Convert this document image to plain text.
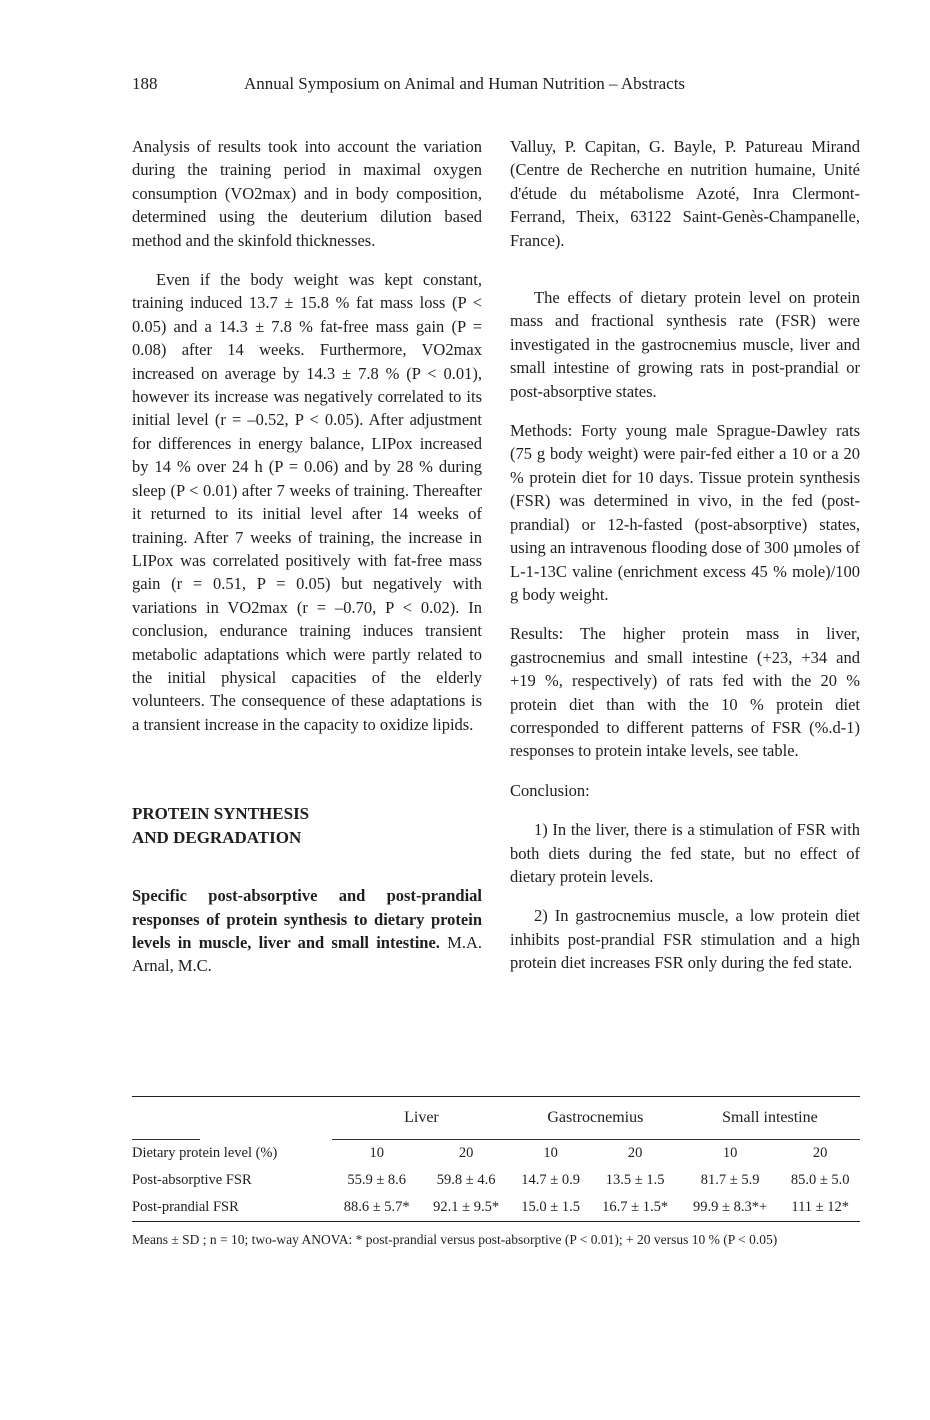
188	Annual Symposium on Animal and Human Nutrition – Abstracts

Analysis of results took into account the variation during the training period in maximal oxygen consumption (VO2max) and in body composition, determined using the deuterium dilution based method and the skinfold thicknesses.

Even if the body weight was kept constant, training induced 13.7 ± 15.8 % fat mass loss (P < 0.05) and a 14.3 ± 7.8 % fat-free mass gain (P = 0.08) after 14 weeks. Furthermore, VO2max increased on average by 14.3 ± 7.8 % (P < 0.01), however its increase was negatively correlated to its initial level (r = –0.52, P < 0.05). After adjustment for differences in energy balance, LIPox increased by 14 % over 24 h (P = 0.06) and by 28 % during sleep (P < 0.01) after 7 weeks of training. Thereafter it returned to its initial level after 14 weeks of training. After 7 weeks of training, the increase in LIPox was correlated positively with fat-free mass gain (r = 0.51, P = 0.05) but negatively with variations in VO2max (r = –0.70, P < 0.02). In conclusion, endurance training induces transient metabolic adaptations which were partly related to the initial physical capacities of the elderly volunteers. The consequence of these adaptations is a transient increase in the capacity to oxidize lipids.

PROTEIN SYNTHESIS
AND DEGRADATION

Specific post-absorptive and post-prandial responses of protein synthesis to dietary protein levels in muscle, liver and small intestine. M.A. Arnal, M.C.

Valluy, P. Capitan, G. Bayle, P. Patureau Mirand (Centre de Recherche en nutrition humaine, Unité d'étude du métabolisme Azoté, Inra Clermont-Ferrand, Theix, 63122 Saint-Genès-Champanelle, France).

The effects of dietary protein level on protein mass and fractional synthesis rate (FSR) were investigated in the gastrocnemius muscle, liver and small intestine of growing rats in post-prandial or post-absorptive states.

Methods: Forty young male Sprague-Dawley rats (75 g body weight) were pair-fed either a 10 or a 20 % protein diet for 10 days. Tissue protein synthesis (FSR) was determined in vivo, in the fed (post-prandial) or 12-h-fasted (post-absorptive) states, using an intravenous flooding dose of 300 µmoles of L-1-13C valine (enrichment excess 45 % mole)/100 g body weight.

Results: The higher protein mass in liver, gastrocnemius and small intestine (+23, +34 and +19 %, respectively) of rats fed with the 20 % protein diet than with the 10 % protein diet corresponded to different patterns of FSR (%.d-1) responses to protein intake levels, see table.

Conclusion:

1) In the liver, there is a stimulation of FSR with both diets during the fed state, but no effect of dietary protein levels.

2) In gastrocnemius muscle, a low protein diet inhibits post-prandial FSR stimulation and a high protein diet increases FSR only during the fed state.

	Liver		Gastrocnemius		Small intestine	

Dietary protein level (%)	10	20	10	20	10	20
Post-absorptive FSR	55.9 ± 8.6	59.8 ± 4.6	14.7 ± 0.9	13.5 ± 1.5	81.7 ± 5.9	85.0 ± 5.0
Post-prandial FSR	88.6 ± 5.7*	92.1 ± 9.5*	15.0 ± 1.5	16.7 ± 1.5*	99.9 ± 8.3*+	111 ± 12*
Means ± SD ; n = 10; two-way ANOVA: * post-prandial versus post-absorptive (P < 0.01); + 20 versus 10 % (P < 0.05)
